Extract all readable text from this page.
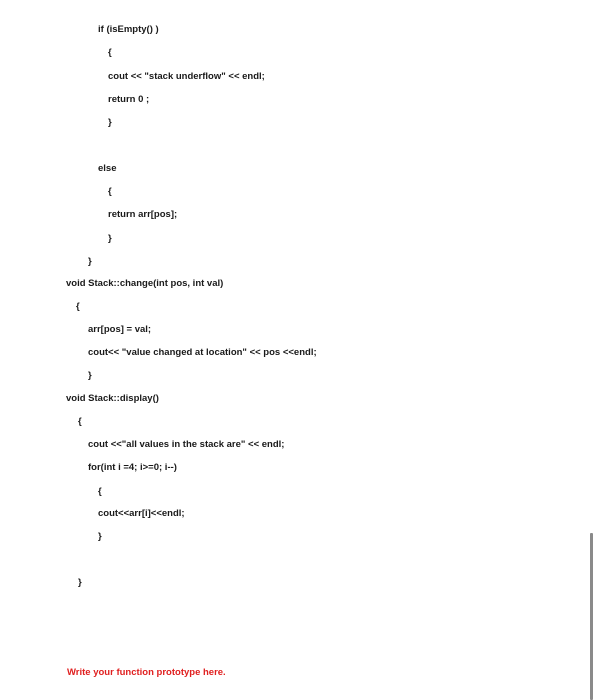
if (isEmpty() )
{
cout << "stack underflow" << endl;
return 0 ;
}
else
{
return arr[pos];
}
}
void Stack::change(int pos, int val)
{
arr[pos] = val;
cout<< "value changed at location" << pos <<endl;
}
void Stack::display()
{
cout <<"all values in the stack are" << endl;
for(int i =4; i>=0; i--)
{
cout<<arr[i]<<endl;
}
}
Write your function prototype here.
